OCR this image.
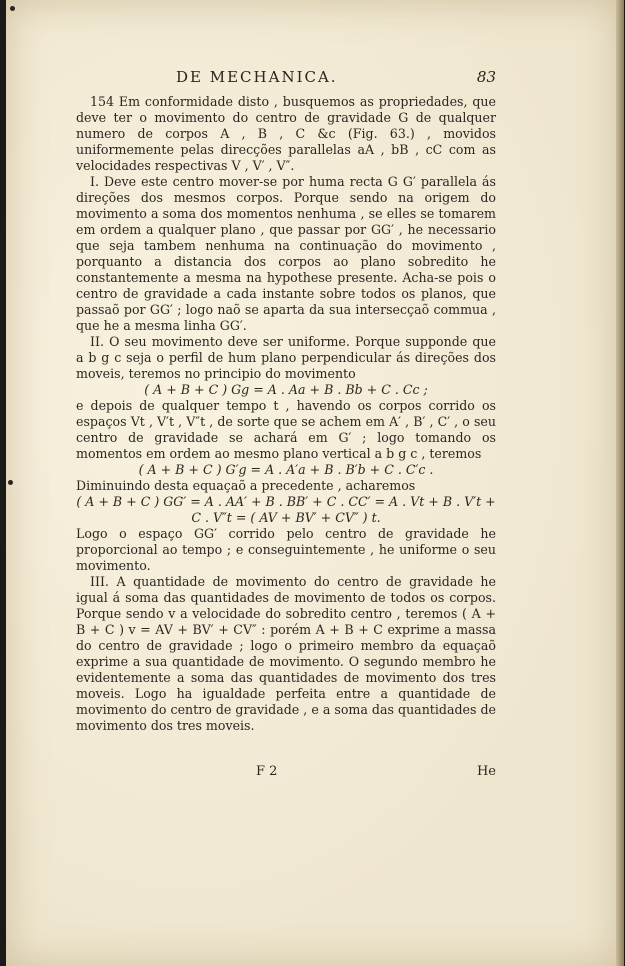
DE MECHANICA.	83

154 Em conformidade disto , busquemos as propriedades, que deve ter o movimento do centro de gravidade G de qualquer numero de corpos A , B , C &c (Fig. 63.) , movidos uniformemente pelas direcções parallelas aA , bB , cC com as velocidades respectivas V , V′ , V″.

I. Deve este centro mover-se por huma recta G G′ parallela ás direções dos mesmos corpos. Porque sendo na origem do movimento a soma dos momentos nenhuma , se elles se tomarem em ordem a qualquer plano , que passar por GG′ , he necessario que seja tambem nenhuma na continuação do movimento , porquanto a distancia dos corpos ao plano sobredito he constantemente a mesma na hypothese presente. Acha-se pois o centro de gravidade a cada instante sobre todos os planos, que passaõ por GG′ ; logo naõ se aparta da sua intersecçaõ commua , que he a mesma linha GG′.

II. O seu movimento deve ser uniforme. Porque supponde que a b g c seja o perfil de hum plano perpendicular ás direções dos moveis, teremos no principio do movimento

( A + B + C ) Gg = A . Aa + B . Bb + C . Cc ;

e depois de qualquer tempo t , havendo os corpos corrido os espaços Vt , V′t , V″t , de sorte que se achem em A′ , B′ , C′ , o seu centro de gravidade se achará em G′ ; logo tomando os momentos em ordem ao mesmo plano vertical a b g c , teremos

( A + B + C ) G′g = A . A′a + B . B′b + C . C′c .

Diminuindo desta equaçaõ a precedente , acharemos

( A + B + C ) GG′ = A . AA′ + B . BB′ + C . CC′ = A . Vt + B . V′t + C . V″t = ( AV + BV′ + CV″ ) t.

Logo o espaço GG′ corrido pelo centro de gravidade he proporcional ao tempo ; e conseguintemente , he uniforme o seu movimento.

III. A quantidade de movimento do centro de gravidade he igual á soma das quantidades de movimento de todos os corpos. Porque sendo v a velocidade do sobredito centro , teremos ( A + B + C ) v = AV + BV′ + CV″ : porém A + B + C exprime a massa do centro de gravidade ; logo o primeiro membro da equaçaõ exprime a sua quantidade de movimento. O segundo membro he evidentemente a soma das quantidades de movimento dos tres moveis. Logo ha igualdade perfeita entre a quantidade de movimento do centro de gravidade , e a soma das quantidades de movimento dos tres moveis.

F 2	He
